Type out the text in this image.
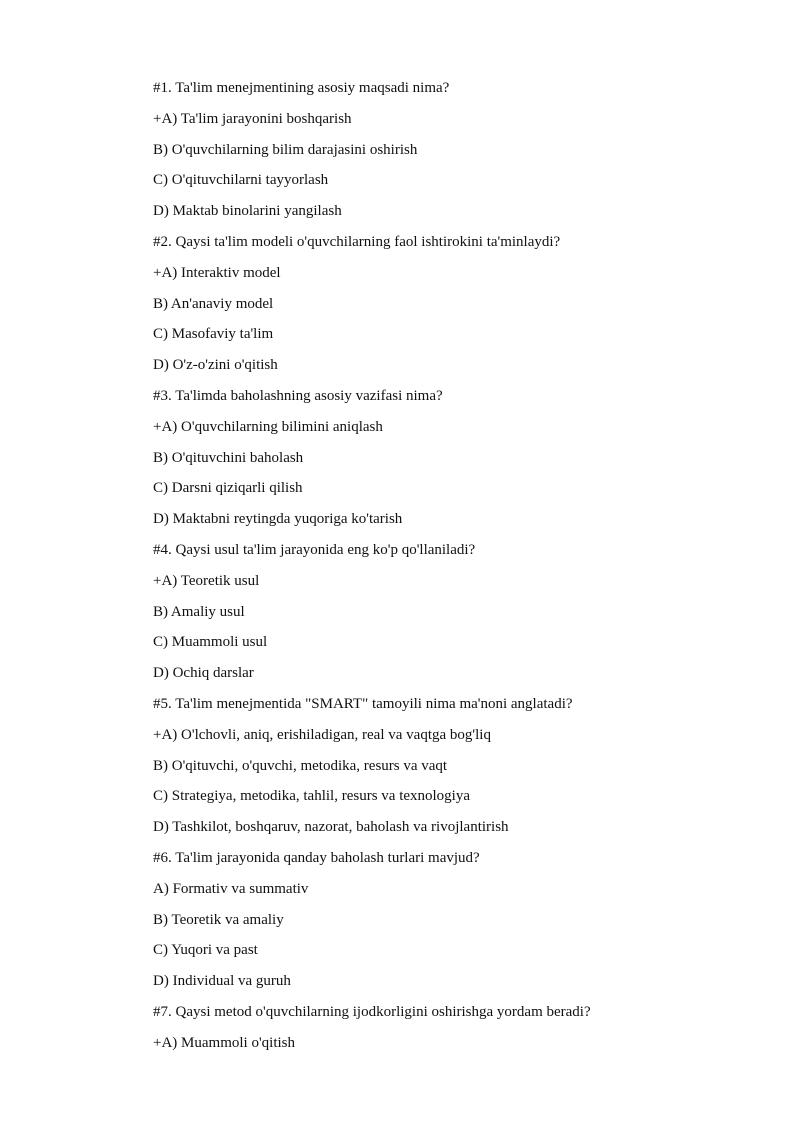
#1. Ta'lim menejmentining asosiy maqsadi nima?
+A) Ta'lim jarayonini boshqarish
B) O'quvchilarning bilim darajasini oshirish
C) O'qituvchilarni tayyorlash
D) Maktab binolarini yangilash
#2. Qaysi ta'lim modeli o'quvchilarning faol ishtirokini ta'minlaydi?
+A) Interaktiv model
B) An'anaviy model
C) Masofaviy ta'lim
D) O'z-o'zini o'qitish
#3. Ta'limda baholashning asosiy vazifasi nima?
+A) O'quvchilarning bilimini aniqlash
B) O'qituvchini baholash
C) Darsni qiziqarli qilish
D) Maktabni reytingda yuqoriga ko'tarish
#4. Qaysi usul ta'lim jarayonida eng ko'p qo'llaniladi?
+A) Teoretik usul
B) Amaliy usul
C) Muammoli usul
D) Ochiq darslar
#5. Ta'lim menejmentida "SMART" tamoyili nima ma'noni anglatadi?
+A) O'lchovli, aniq, erishiladigan, real va vaqtga bog'liq
B) O'qituvchi, o'quvchi, metodika, resurs va vaqt
C) Strategiya, metodika, tahlil, resurs va texnologiya
D) Tashkilot, boshqaruv, nazorat, baholash va rivojlantirish
#6. Ta'lim jarayonida qanday baholash turlari mavjud?
A) Formativ va summativ
B) Teoretik va amaliy
C) Yuqori va past
D) Individual va guruh
#7. Qaysi metod o'quvchilarning ijodkorligini oshirishga yordam beradi?
+A) Muammoli o'qitish
